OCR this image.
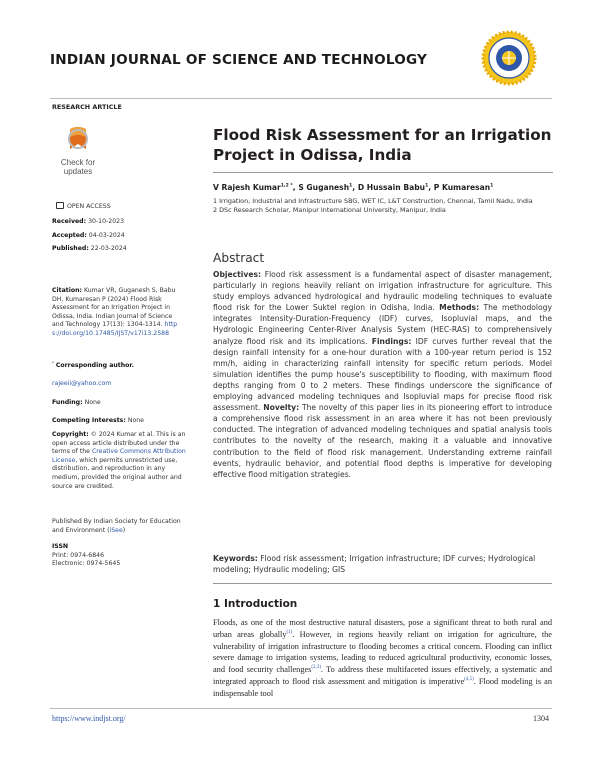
INDIAN JOURNAL OF SCIENCE AND TECHNOLOGY
RESEARCH ARTICLE
Check for
updates
OPEN ACCESS
Received: 30-10-2023
Accepted: 04-03-2024
Published: 22-03-2024
Citation: Kumar VR, Guganesh S, Babu DH, Kumaresan P (2024) Flood Risk Assessment for an Irrigation Project in Odissa, India. Indian Journal of Science and Technology 17(13): 1304-1314. https://doi.org/10.17485/IJST/v17i13.2588
* Corresponding author.
rajeeii@yahoo.com
Funding: None
Competing Interests: None
Copyright: © 2024 Kumar et al. This is an open access article distributed under the terms of the Creative Commons Attribution License, which permits unrestricted use, distribution, and reproduction in any medium, provided the original author and source are credited.
Published By Indian Society for Education and Environment (iSee)
ISSN
Print: 0974-6846
Electronic: 0974-5645
Flood Risk Assessment for an Irrigation Project in Odissa, India
V Rajesh Kumar$^{1,2 *}$, S Guganesh$^1$, D Hussain Babu$^1$, P Kumaresan$^1$
1 Irrigation, Industrial and Infrastructure SBG, WET IC, L&T Construction, Chennai, Tamil Nadu, India
2 DSc Research Scholar, Manipur International University, Manipur, India
Abstract
Objectives: Flood risk assessment is a fundamental aspect of disaster management, particularly in regions heavily reliant on irrigation infrastructure for agriculture. This study employs advanced hydrological and hydraulic modeling techniques to evaluate flood risk for the Lower Suktel region in Odisha, India. Methods: The methodology integrates Intensity-Duration-Frequency (IDF) curves, Isopluvial maps, and the Hydrologic Engineering Center-River Analysis System (HEC-RAS) to comprehensively analyze flood risk and its implications. Findings: IDF curves further reveal that the design rainfall intensity for a one-hour duration with a 100-year return period is 152 mm/h, aiding in characterizing rainfall intensity for specific return periods. Model simulation identifies the pump house's susceptibility to flooding, with maximum flood depths ranging from 0 to 2 meters. These findings underscore the significance of employing advanced modeling techniques and Isopluvial maps for precise flood risk assessment. Novelty: The novelty of this paper lies in its pioneering effort to introduce a comprehensive flood risk assessment in an area where it has not been previously conducted. The integration of advanced modeling techniques and spatial analysis tools contributes to the novelty of the research, making it a valuable and innovative contribution to the field of flood risk management. Understanding extreme rainfall events, hydraulic behavior, and potential flood depths is imperative for developing effective flood mitigation strategies.
Keywords: Flood risk assessment; Irrigation infrastructure; IDF curves; Hydrological modeling; Hydraulic modeling; GIS
1 Introduction
Floods, as one of the most destructive natural disasters, pose a significant threat to both rural and urban areas globally$^{(1)}$. However, in regions heavily reliant on irrigation for agriculture, the vulnerability of irrigation infrastructure to flooding becomes a critical concern. Flooding can inflict severe damage to irrigation systems, leading to reduced agricultural productivity, economic losses, and food security challenges$^{(2,3)}$. To address these multifaceted issues effectively, a systematic and integrated approach to flood risk assessment and mitigation is imperative$^{(4,5)}$. Flood modeling is an indispensable tool
https://www.indjst.org/	1304
